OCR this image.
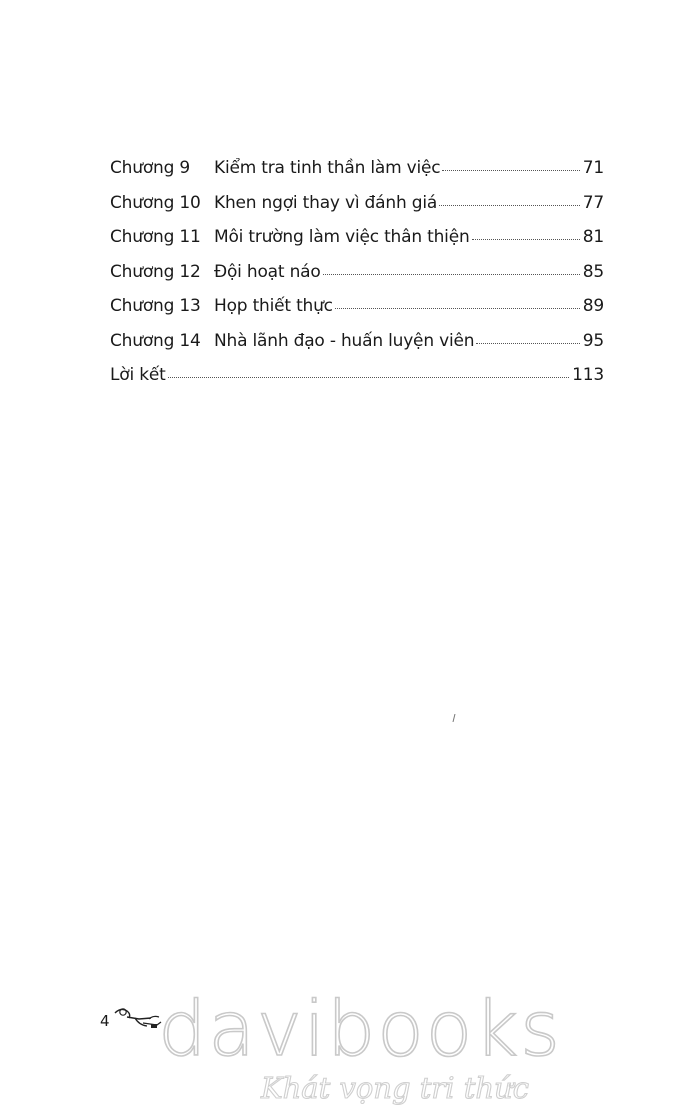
Chương 9	Kiểm tra tinh thần làm việc	71
Chương 10 Khen ngợi thay vì đánh giá	77
Chương 11 Môi trường làm việc thân thiện	81
Chương 12 Đội hoạt náo	85
Chương 13 Họp thiết thực	89
Chương 14 Nhà lãnh đạo - huấn luyện viên	95
Lời kết	113
4 davibooks
Khát vọng tri thức
